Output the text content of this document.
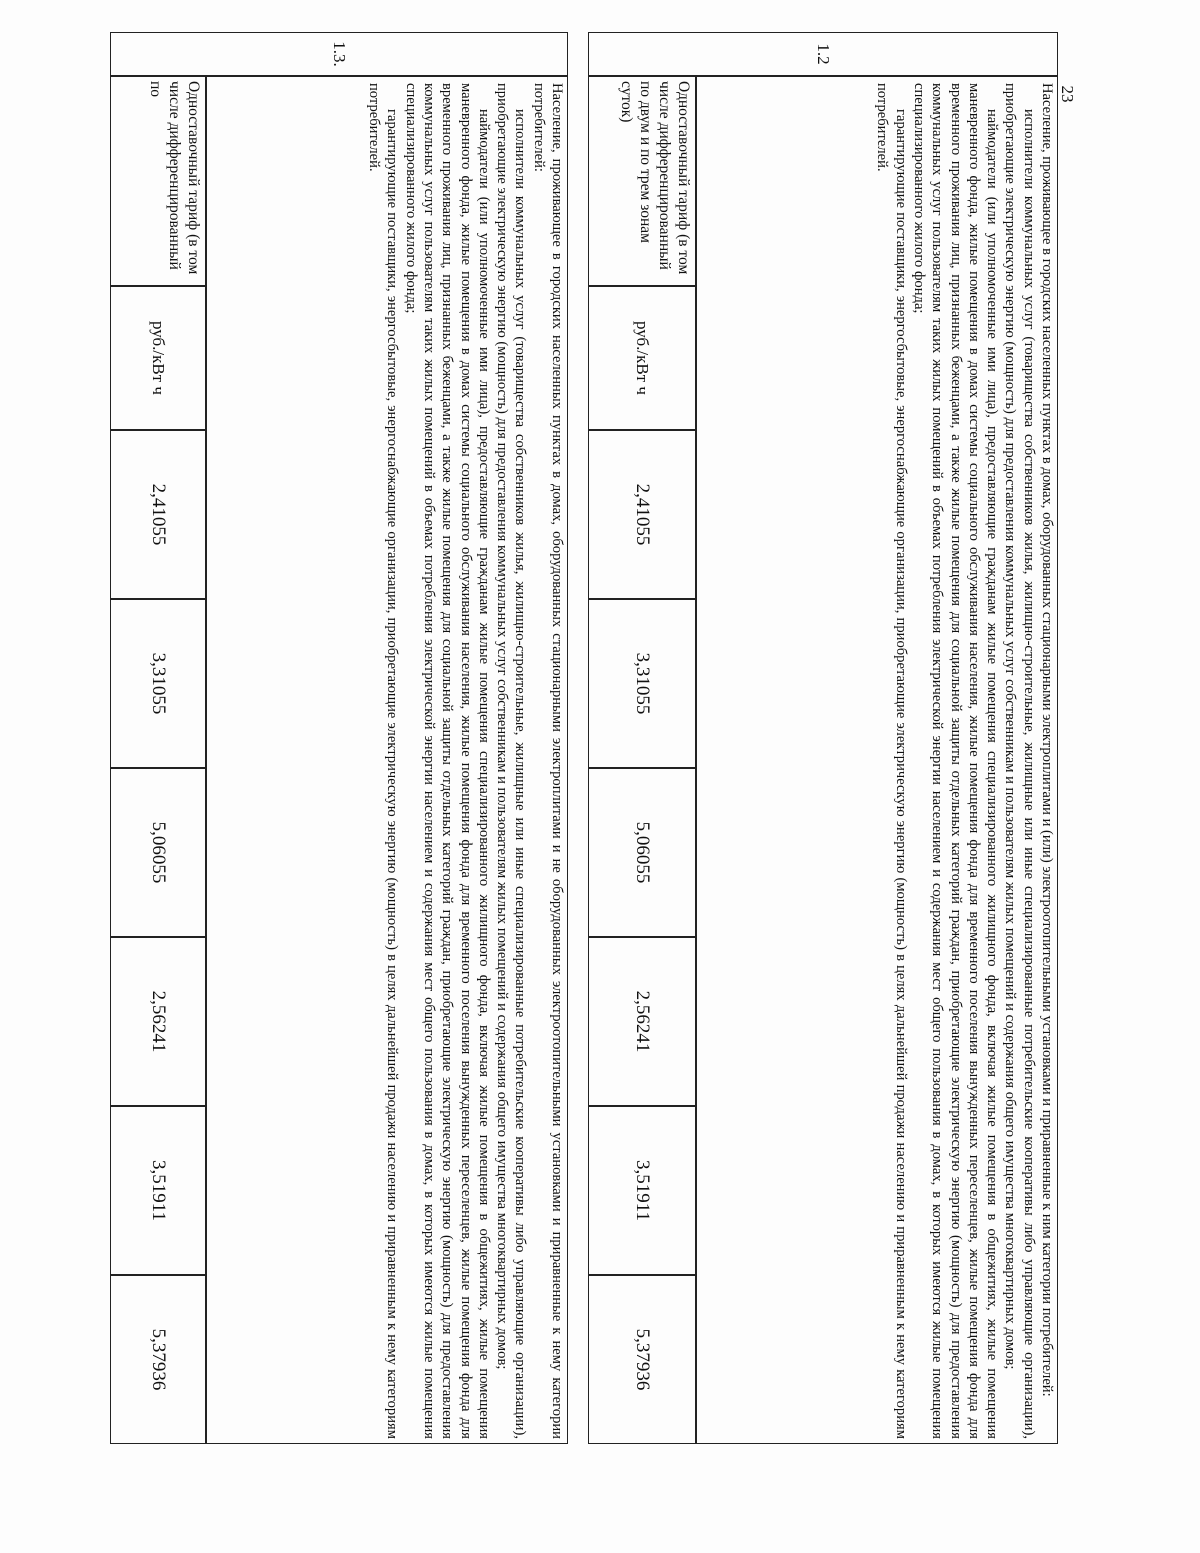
23
1.2

Население, проживающее в городских населенных пунктах в домах, оборудованных стационарными электроплитами и (или) электроотопительными установками и приравненные к ним категории потребителей:

исполнители коммунальных услуг (товарищества собственников жилья, жилищно-строительные, жилищные или иные специализированные потребительские кооперативы либо управляющие организации), приобретающие электрическую энергию (мощность) для предоставления коммунальных услуг собственникам и пользователям жилых помещений и содержания общего имущества многоквартирных домов;

наймодатели (или уполномоченные ими лица), предоставляющие гражданам жилые помещения специализированного жилищного фонда, включая жилые помещения в общежитиях, жилые помещения маневренного фонда, жилые помещения в домах системы социального обслуживания населения, жилые помещения фонда для временного поселения вынужденных переселенцев, жилые помещения фонда для временного проживания лиц, признанных беженцами, а также жилые помещения для социальной защиты отдельных категорий граждан, приобретающие электрическую энергию (мощность) для предоставления коммунальных услуг пользователям таких жилых помещений в объемах потребления электрической энергии населением и содержания мест общего пользования в домах, в которых имеются жилые помещения специализированного жилого фонда;

гарантирующие поставщики, энергосбытовые, энергоснабжающие организации, приобретающие электрическую энергию (мощность) в целях дальнейшей продажи населению и приравненным к нему категориям потребителей.

Одноставочный тариф (в том числе дифференцированный по двум и по трем зонам суток)
руб./кВт ч
2,41055
3,31055
5,06055
2,56241
3,51911
5,37936
1.3.

Население, проживающее в городских населенных пунктах в домах, оборудованных стационарными электроплитами и не оборудованных электроотопительными установками и приравненные к нему категории потребителей:

исполнители коммунальных услуг (товарищества собственников жилья, жилищно-строительные, жилищные или иные специализированные потребительские кооперативы либо управляющие организации), приобретающие электрическую энергию (мощность) для предоставления коммунальных услуг собственникам и пользователям жилых помещений и содержания общего имущества многоквартирных домов;

наймодатели (или уполномоченные ими лица), предоставляющие гражданам жилые помещения специализированного жилищного фонда, включая жилые помещения в общежитиях, жилые помещения маневренного фонда, жилые помещения в домах системы социального обслуживания населения, жилые помещения фонда для временного поселения вынужденных переселенцев, жилые помещения фонда для временного проживания лиц, признанных беженцами, а также жилые помещения для социальной защиты отдельных категорий граждан, приобретающие электрическую энергию (мощность) для предоставления коммунальных услуг пользователям таких жилых помещений в объемах потребления электрической энергии населением и содержания мест общего пользования в домах, в которых имеются жилые помещения специализированного жилого фонда;

гарантирующие поставщики, энергосбытовые, энергоснабжающие организации, приобретающие электрическую энергию (мощность) в целях дальнейшей продажи населению и приравненным к нему категориям потребителей.

Одноставочный тариф (в том числе дифференцированный по
руб./кВт ч
2,41055
3,31055
5,06055
2,56241
3,51911
5,37936
